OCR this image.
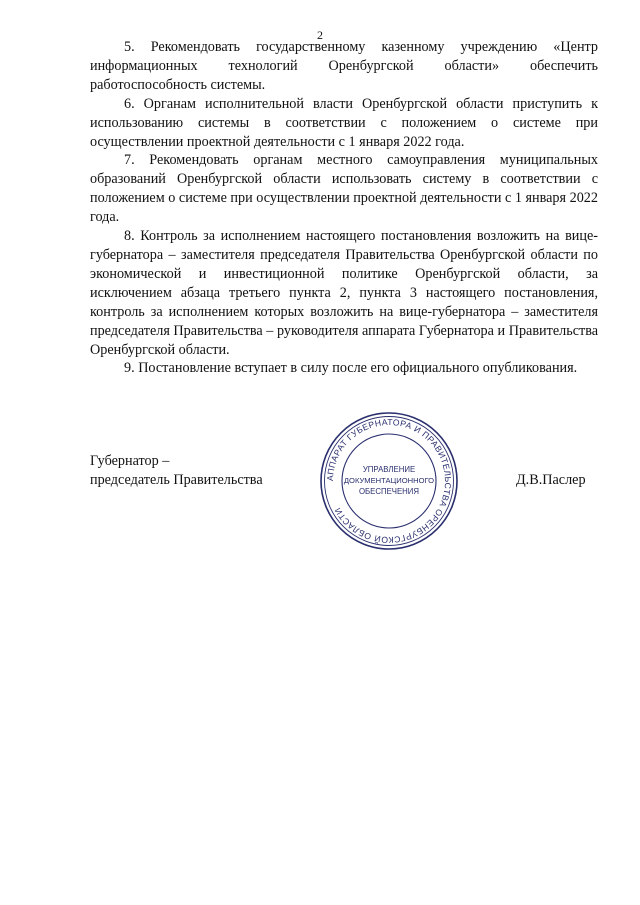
2

5. Рекомендовать государственному казенному учреждению «Центр информационных технологий Оренбургской области» обеспечить работоспособность системы.

6. Органам исполнительной власти Оренбургской области приступить к использованию системы в соответствии с положением о системе при осуществлении проектной деятельности с 1 января 2022 года.

7. Рекомендовать органам местного самоуправления муниципальных образований Оренбургской области использовать систему в соответствии с положением о системе при осуществлении проектной деятельности с 1 января 2022 года.

8. Контроль за исполнением настоящего постановления возложить на вице-губернатора – заместителя председателя Правительства Оренбургской области по экономической и инвестиционной политике Оренбургской области, за исключением абзаца третьего пункта 2, пункта 3 настоящего постановления, контроль за исполнением которых возложить на вице-губернатора – заместителя председателя Правительства – руководителя аппарата Губернатора и Правительства Оренбургской области.

9. Постановление вступает в силу после его официального опубликования.

Губернатор –
председатель Правительства	АППАРАТ ГУБЕРНАТОРА И ПРАВИТЕЛЬСТВА ОРЕНБУРГСКОЙ ОБЛАСТИ
УПРАВЛЕНИЕ
ДОКУМЕНТАЦИОННОГО
ОБЕСПЕЧЕНИЯ
Д.В.Паслер
